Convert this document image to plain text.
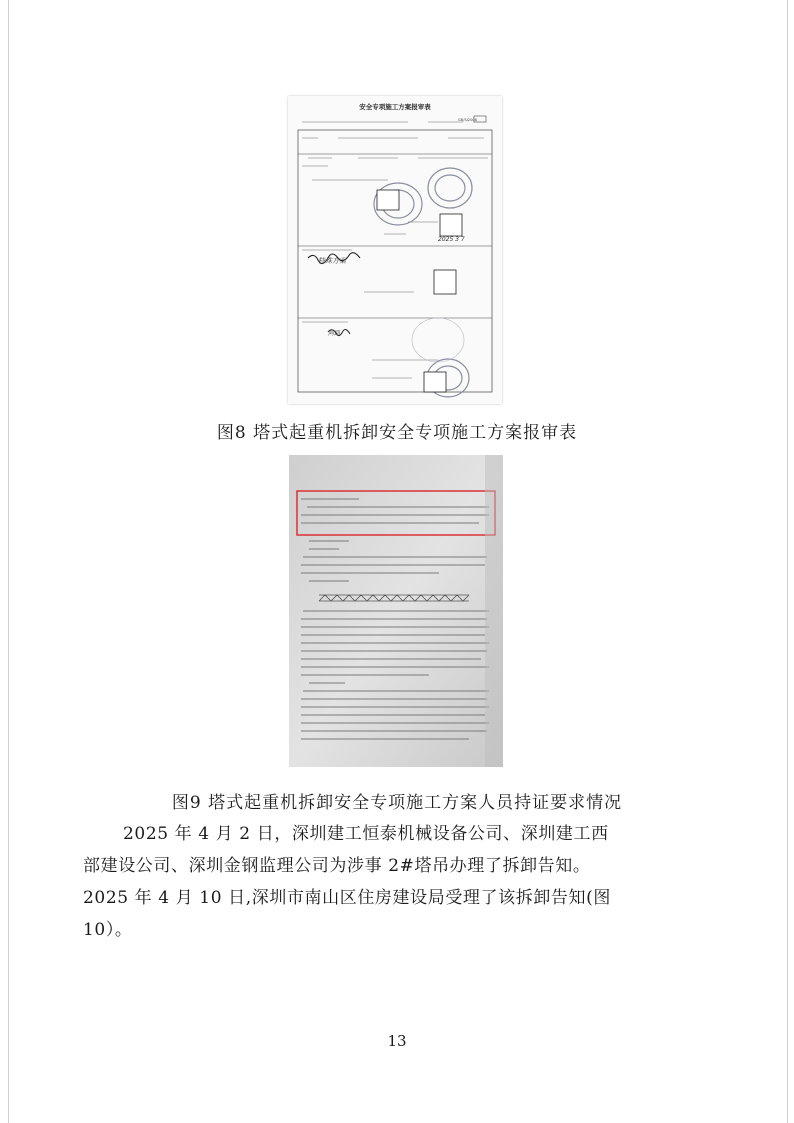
安全专项施工方案报审表
GB/SJ2008
2025 3 7
特殊方案
阿路
图8 塔式起重机拆卸安全专项施工方案报审表
图9 塔式起重机拆卸安全专项施工方案人员持证要求情况
2025 年 4 月 2 日，深圳建工恒泰机械设备公司、深圳建工西
部建设公司、深圳金钢监理公司为涉事 2#塔吊办理了拆卸告知。
2025 年 4 月 10 日,深圳市南山区住房建设局受理了该拆卸告知(图
10）。
13
